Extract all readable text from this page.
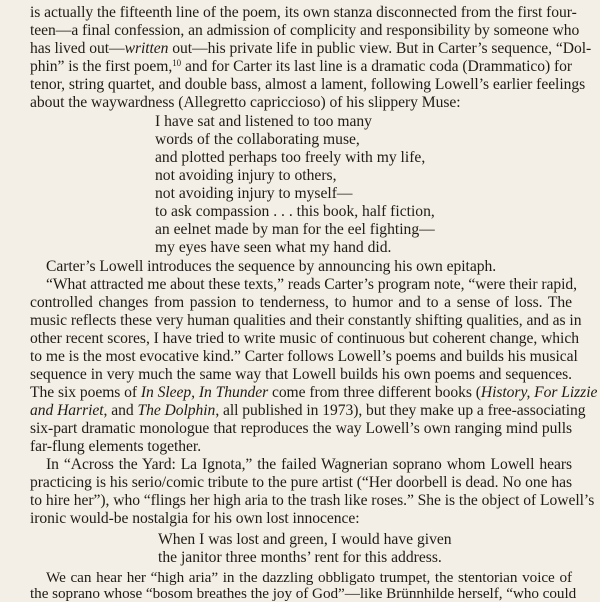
is actually the fifteenth line of the poem, its own stanza disconnected from the first four-
teen—a final confession, an admission of complicity and responsibility by someone who
has lived out—written out—his private life in public view. But in Carter’s sequence, “Dol-
phin” is the first poem,$^{10}$ and for Carter its last line is a dramatic coda (Drammatico) for
tenor, string quartet, and double bass, almost a lament, following Lowell’s earlier feelings
about the waywardness (Allegretto capriccioso) of his slippery Muse:
I have sat and listened to too many
words of the collaborating muse,
and plotted perhaps too freely with my life,
not avoiding injury to others,
not avoiding injury to myself—
to ask compassion . . . this book, half fiction,
an eelnet made by man for the eel fighting—
my eyes have seen what my hand did.
Carter’s Lowell introduces the sequence by announcing his own epitaph.
“What attracted me about these texts,” reads Carter’s program note, “were their rapid,
controlled changes from passion to tenderness, to humor and to a sense of loss. The
music reflects these very human qualities and their constantly shifting qualities, and as in
other recent scores, I have tried to write music of continuous but coherent change, which
to me is the most evocative kind.” Carter follows Lowell’s poems and builds his musical
sequence in very much the same way that Lowell builds his own poems and sequences.
The six poems of In Sleep, In Thunder come from three different books (History, For Lizzie
and Harriet, and The Dolphin, all published in 1973), but they make up a free-associating
six-part dramatic monologue that reproduces the way Lowell’s own ranging mind pulls
far-flung elements together.
In “Across the Yard: La Ignota,” the failed Wagnerian soprano whom Lowell hears
practicing is his serio/comic tribute to the pure artist (“Her doorbell is dead. No one has
to hire her”), who “flings her high aria to the trash like roses.” She is the object of Lowell’s
ironic would-be nostalgia for his own lost innocence:
When I was lost and green, I would have given
the janitor three months’ rent for this address.
We can hear her “high aria” in the dazzling obbligato trumpet, the stentorian voice of
the soprano whose “bosom breathes the joy of God”—like Brünnhilde herself, “who could
